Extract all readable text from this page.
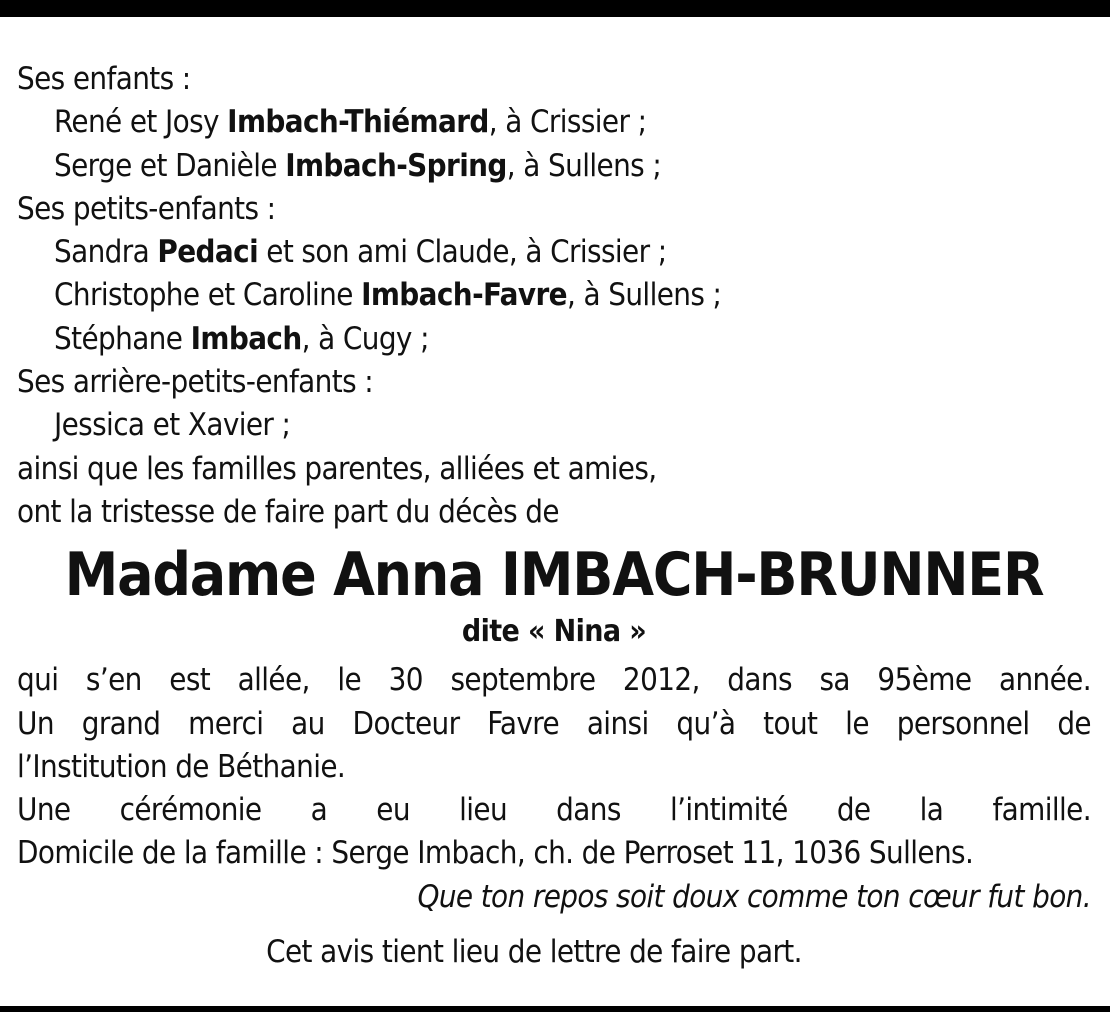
Ses enfants :
René et Josy Imbach-Thiémard, à Crissier ;
Serge et Danièle Imbach-Spring, à Sullens ;
Ses petits-enfants :
Sandra Pedaci et son ami Claude, à Crissier ;
Christophe et Caroline Imbach-Favre, à Sullens ;
Stéphane Imbach, à Cugy ;
Ses arrière-petits-enfants :
Jessica et Xavier ;
ainsi que les familles parentes, alliées et amies,
ont la tristesse de faire part du décès de
Madame Anna IMBACH-BRUNNER
dite « Nina »
qui s’en est allée, le 30 septembre 2012, dans sa 95ème année.
Un grand merci au Docteur Favre ainsi qu’à tout le personnel de
l’Institution de Béthanie.
Une cérémonie a eu lieu dans l’intimité de la famille.
Domicile de la famille : Serge Imbach, ch. de Perroset 11, 1036 Sullens.
Que ton repos soit doux comme ton cœur fut bon.
Cet avis tient lieu de lettre de faire part.
